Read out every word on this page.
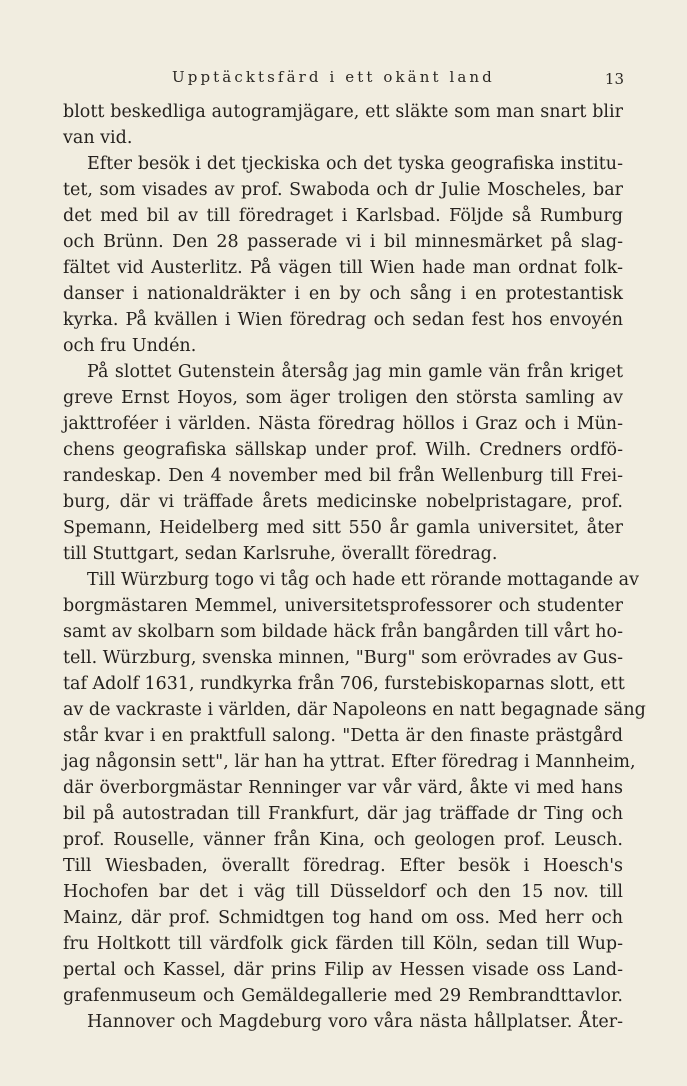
Upptäcktsfärd i ett okänt land	13
blott beskedliga autogramjägare, ett släkte som man snart blir
van vid.
Efter besök i det tjeckiska och det tyska geografiska institu-
tet, som visades av prof. Swaboda och dr Julie Moscheles, bar
det med bil av till föredraget i Karlsbad. Följde så Rumburg
och Brünn. Den 28 passerade vi i bil minnesmärket på slag-
fältet vid Austerlitz. På vägen till Wien hade man ordnat folk-
danser i nationaldräkter i en by och sång i en protestantisk
kyrka. På kvällen i Wien föredrag och sedan fest hos envoyén
och fru Undén.
På slottet Gutenstein återsåg jag min gamle vän från kriget
greve Ernst Hoyos, som äger troligen den största samling av
jakttroféer i världen. Nästa föredrag höllos i Graz och i Mün-
chens geografiska sällskap under prof. Wilh. Credners ordfö-
randeskap. Den 4 november med bil från Wellenburg till Frei-
burg, där vi träffade årets medicinske nobelpristagare, prof.
Spemann, Heidelberg med sitt 550 år gamla universitet, åter
till Stuttgart, sedan Karlsruhe, överallt föredrag.
Till Würzburg togo vi tåg och hade ett rörande mottagande av
borgmästaren Memmel, universitetsprofessorer och studenter
samt av skolbarn som bildade häck från bangården till vårt ho-
tell. Würzburg, svenska minnen, "Burg" som erövrades av Gus-
taf Adolf 1631, rundkyrka från 706, furstebiskoparnas slott, ett
av de vackraste i världen, där Napoleons en natt begagnade säng
står kvar i en praktfull salong. "Detta är den finaste prästgård
jag någonsin sett", lär han ha yttrat. Efter föredrag i Mannheim,
där överborgmästar Renninger var vår värd, åkte vi med hans
bil på autostradan till Frankfurt, där jag träffade dr Ting och
prof. Rouselle, vänner från Kina, och geologen prof. Leusch.
Till Wiesbaden, överallt föredrag. Efter besök i Hoesch's
Hochofen bar det i väg till Düsseldorf och den 15 nov. till
Mainz, där prof. Schmidtgen tog hand om oss. Med herr och
fru Holtkott till värdfolk gick färden till Köln, sedan till Wup-
pertal och Kassel, där prins Filip av Hessen visade oss Land-
grafenmuseum och Gemäldegallerie med 29 Rembrandttavlor.
Hannover och Magdeburg voro våra nästa hållplatser. Åter-
